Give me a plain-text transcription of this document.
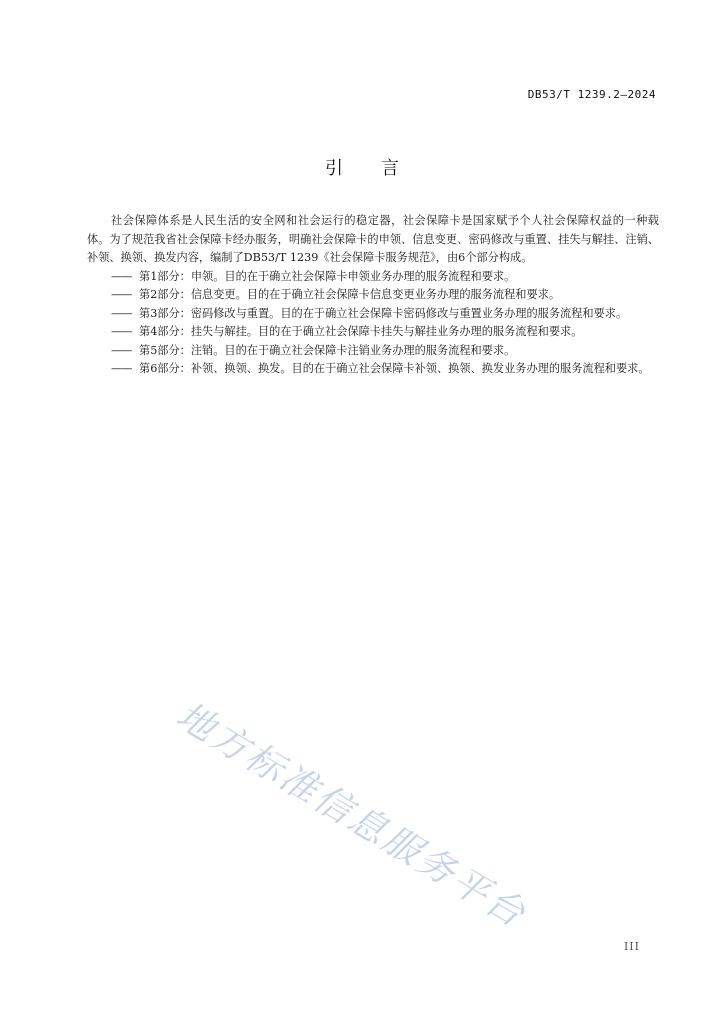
DB53/T 1239.2—2024
引言

社会保障体系是人民生活的安全网和社会运行的稳定器，社会保障卡是国家赋予个人社会保障权益的一种载体。为了规范我省社会保障卡经办服务，明确社会保障卡的申领、信息变更、密码修改与重置、挂失与解挂、注销、补领、换领、换发内容，编制了DB53/T 1239《社会保障卡服务规范》，由6个部分构成。

—— 第1部分：申领。目的在于确立社会保障卡申领业务办理的服务流程和要求。
—— 第2部分：信息变更。目的在于确立社会保障卡信息变更业务办理的服务流程和要求。
—— 第3部分：密码修改与重置。目的在于确立社会保障卡密码修改与重置业务办理的服务流程和要求。
—— 第4部分：挂失与解挂。目的在于确立社会保障卡挂失与解挂业务办理的服务流程和要求。
—— 第5部分：注销。目的在于确立社会保障卡注销业务办理的服务流程和要求。
—— 第6部分：补领、换领、换发。目的在于确立社会保障卡补领、换领、换发业务办理的服务流程和要求。
地方标准信息服务平台
III
